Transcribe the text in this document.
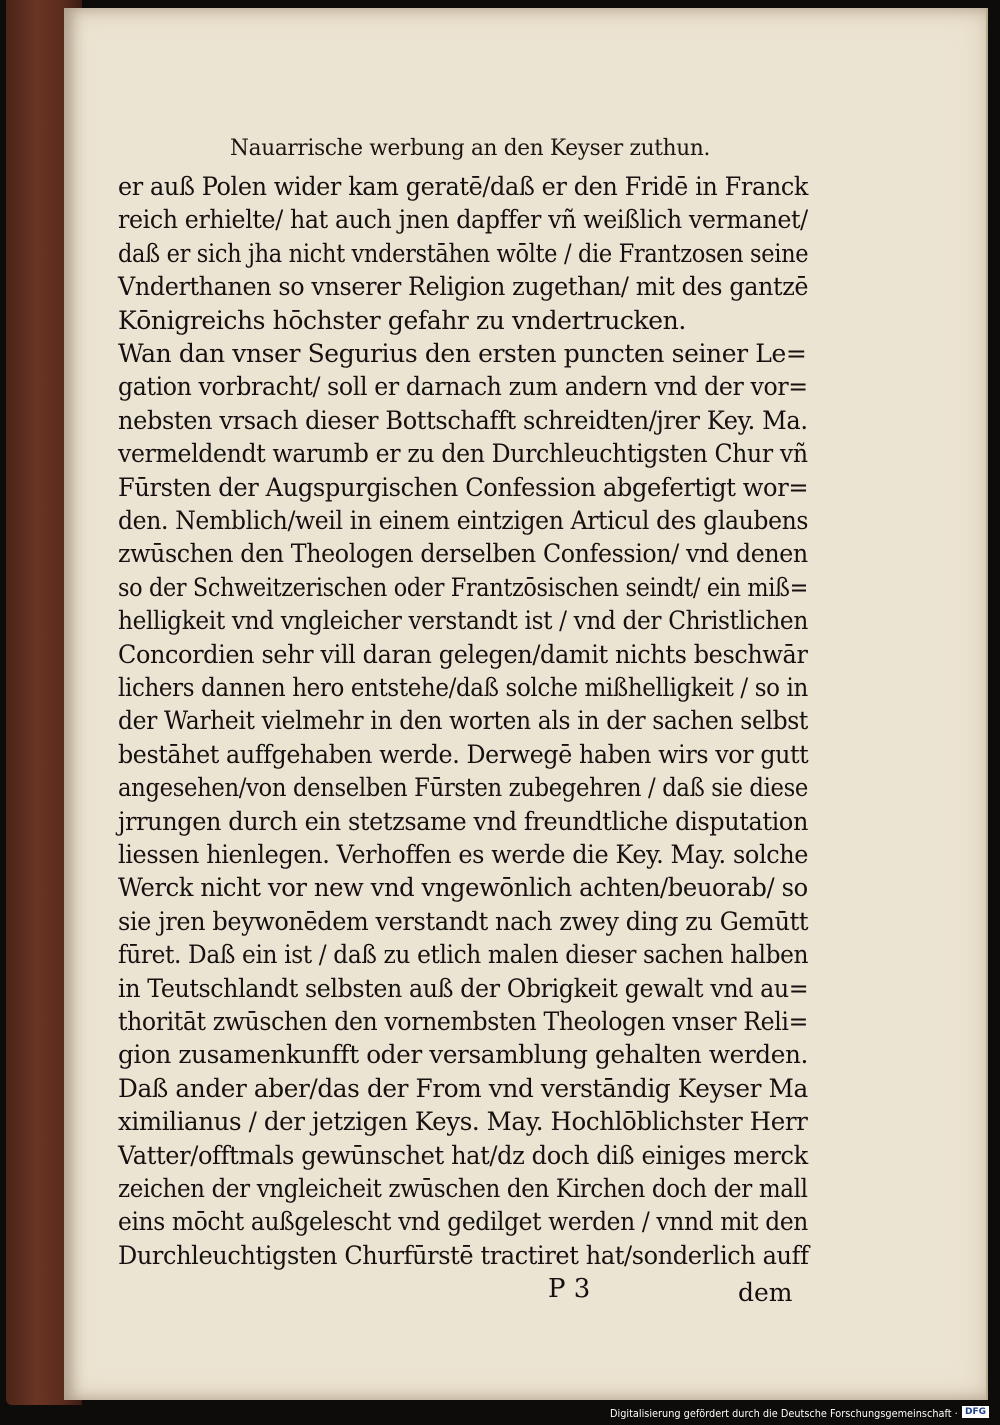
Nauarrische werbung an den Keyser zuthun.
er auß Polen wider kam geratē/daß er den Fridē in Franck
reich erhielte/ hat auch jnen dapffer vñ weißlich vermanet/
daß er sich jha nicht vnderstāhen wōlte / die Frantzosen seine
Vnderthanen so vnserer Religion zugethan/ mit des gantzē
Kōnigreichs hōchster gefahr zu vndertrucken.
Wan dan vnser Segurius den ersten puncten seiner Le=
gation vorbracht/ soll er darnach zum andern vnd der vor=
nebsten vrsach dieser Bottschafft schreidten/jrer Key. Ma.
vermeldendt warumb er zu den Durchleuchtigsten Chur vñ
Fūrsten der Augspurgischen Confession abgefertigt wor=
den. Nemblich/weil in einem eintzigen Articul des glaubens
zwūschen den Theologen derselben Confession/ vnd denen
so der Schweitzerischen oder Frantzōsischen seindt/ ein miß=
helligkeit vnd vngleicher verstandt ist / vnd der Christlichen
Concordien sehr vill daran gelegen/damit nichts beschwār
lichers dannen hero entstehe/daß solche mißhelligkeit / so in
der Warheit vielmehr in den worten als in der sachen selbst
bestāhet auffgehaben werde. Derwegē haben wirs vor gutt
angesehen/von denselben Fūrsten zubegehren / daß sie diese
jrrungen durch ein stetzsame vnd freundtliche disputation
liessen hienlegen. Verhoffen es werde die Key. May. solche
Werck nicht vor new vnd vngewōnlich achten/beuorab/ so
sie jren beywonēdem verstandt nach zwey ding zu Gemūtt
fūret. Daß ein ist / daß zu etlich malen dieser sachen halben
in Teutschlandt selbsten auß der Obrigkeit gewalt vnd au=
thoritāt zwūschen den vornembsten Theologen vnser Reli=
gion zusamenkunfft oder versamblung gehalten werden.
Daß ander aber/das der From vnd verstāndig Keyser Ma
ximilianus / der jetzigen Keys. May. Hochlōblichster Herr
Vatter/offtmals gewūnschet hat/dz doch diß einiges merck
zeichen der vngleicheit zwūschen den Kirchen doch der mall
eins mōcht außgelescht vnd gedilget werden / vnnd mit den
Durchleuchtigsten Churfūrstē tractiret hat/sonderlich auff
P 3	dem
Digitalisierung gefördert durch die Deutsche Forschungsgemeinschaft · DFG
